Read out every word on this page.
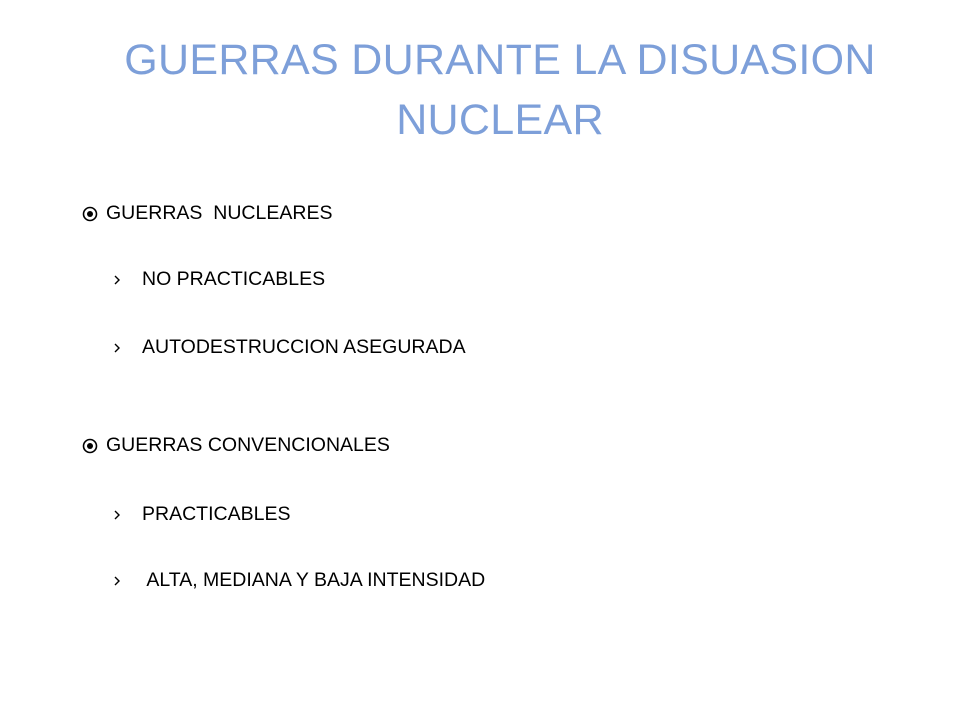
GUERRAS DURANTE LA DISUASION
NUCLEAR
GUERRAS  NUCLEARES
NO PRACTICABLES
AUTODESTRUCCION ASEGURADA
GUERRAS CONVENCIONALES
PRACTICABLES
ALTA, MEDIANA Y BAJA INTENSIDAD
